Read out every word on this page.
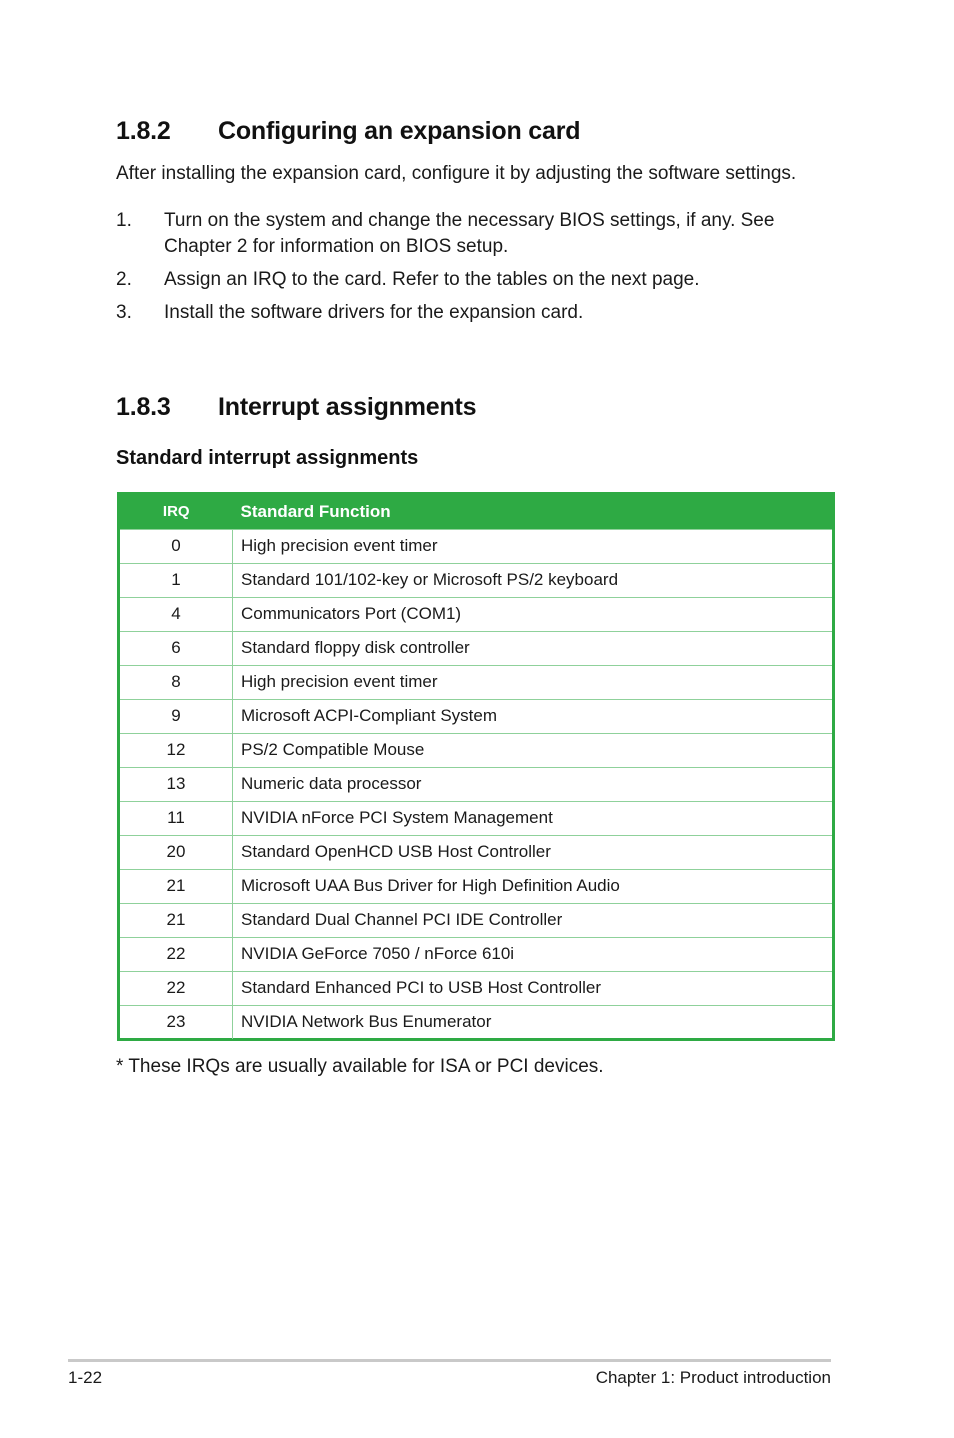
1.8.2 Configuring an expansion card

After installing the expansion card, configure it by adjusting the software settings.

1. Turn on the system and change the necessary BIOS settings, if any. See Chapter 2 for information on BIOS setup.
2. Assign an IRQ to the card. Refer to the tables on the next page.
3. Install the software drivers for the expansion card.
1.8.3 Interrupt assignments
Standard interrupt assignments
IRQ	Standard Function
0	High precision event timer
1	Standard 101/102-key or Microsoft PS/2 keyboard
4	Communicators Port (COM1)
6	Standard floppy disk controller
8	High precision event timer
9	Microsoft ACPI-Compliant System
12	PS/2 Compatible Mouse
13	Numeric data processor
11	NVIDIA nForce PCI System Management
20	Standard OpenHCD USB Host Controller
21	Microsoft UAA Bus Driver for High Definition Audio
21	Standard Dual Channel PCI IDE Controller
22	NVIDIA GeForce 7050 / nForce 610i
22	Standard Enhanced PCI to USB Host Controller
23	NVIDIA Network Bus Enumerator

* These IRQs are usually available for ISA or PCI devices.

1-22	Chapter 1: Product introduction
